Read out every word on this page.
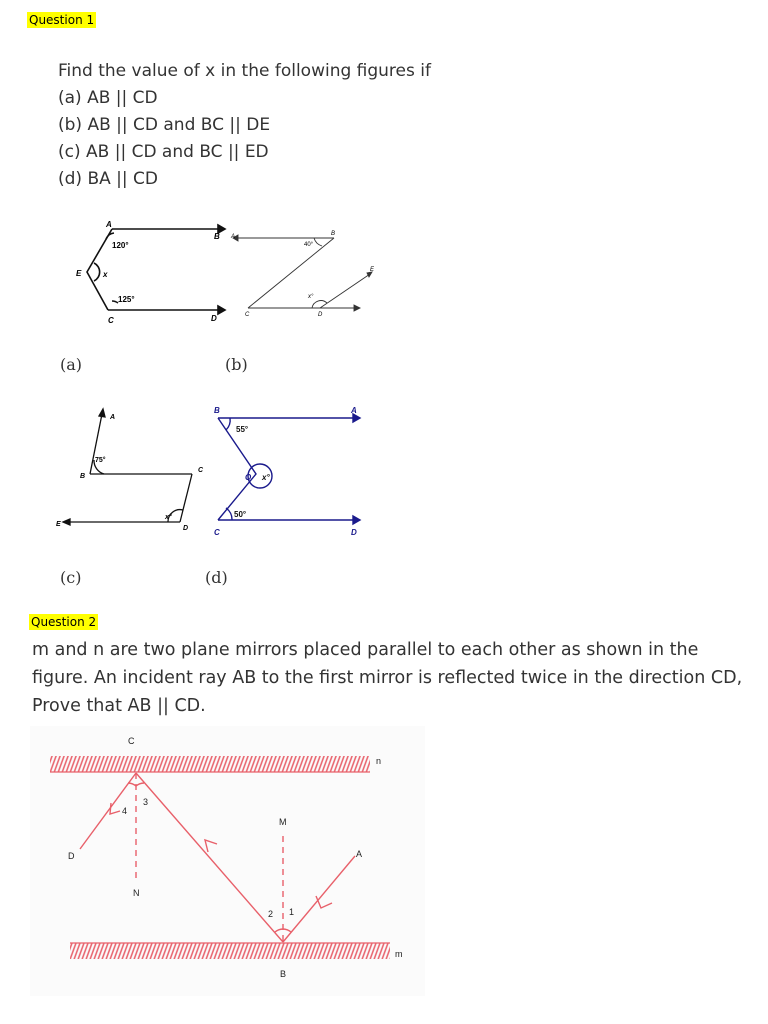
Question 1
Find the value of x in the following figures if
(a) AB || CD
(b) AB || CD and BC || DE
(c) AB || CD and BC || ED
(d) BA || CD
A
B
C	D
E	x
120°
125°
A	B
C	D
E
40°
x°
(a)	(b)
A
B
C
D
E
75°
x°
B	A
C	D
O
55°
50°
x°
(c)	(d)
Question 2
m and n are two plane mirrors placed parallel to each other as shown in the figure. An incident ray AB to the first mirror is reflected twice in the direction CD, Prove that AB || CD.
C
D
N
M
A
B
m
n
1
2
3
4
